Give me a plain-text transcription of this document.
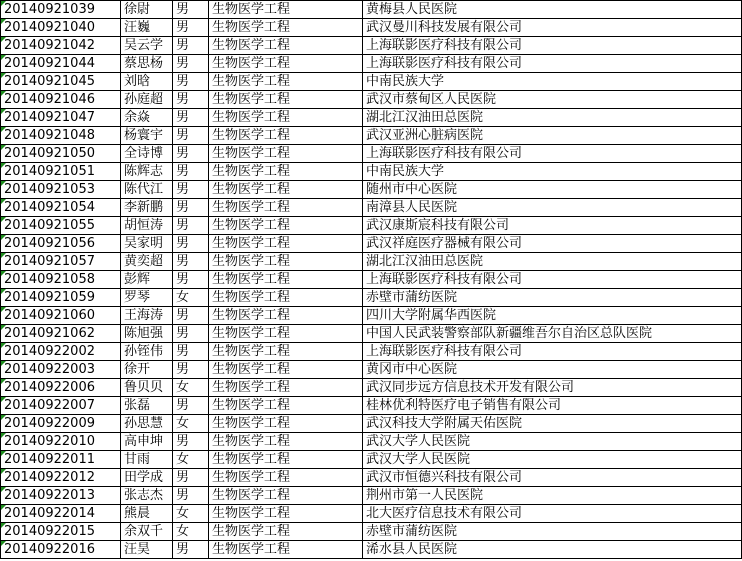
20140921039	徐尉	男	生物医学工程	黄梅县人民医院
20140921040	汪巍	男	生物医学工程	武汉曼川科技发展有限公司
20140921042	吴云学	男	生物医学工程	上海联影医疗科技有限公司
20140921044	蔡思杨	男	生物医学工程	上海联影医疗科技有限公司
20140921045	刘晗	男	生物医学工程	中南民族大学
20140921046	孙庭超	男	生物医学工程	武汉市蔡甸区人民医院
20140921047	余焱	男	生物医学工程	湖北江汉油田总医院
20140921048	杨寰宇	男	生物医学工程	武汉亚洲心脏病医院
20140921050	全诗博	男	生物医学工程	上海联影医疗科技有限公司
20140921051	陈辉志	男	生物医学工程	中南民族大学
20140921053	陈代江	男	生物医学工程	随州市中心医院
20140921054	李新鹏	男	生物医学工程	南漳县人民医院
20140921055	胡恒涛	男	生物医学工程	武汉康斯宸科技有限公司
20140921056	吴家明	男	生物医学工程	武汉祥庭医疗器械有限公司
20140921057	黄奕超	男	生物医学工程	湖北江汉油田总医院
20140921058	彭辉	男	生物医学工程	上海联影医疗科技有限公司
20140921059	罗琴	女	生物医学工程	赤壁市蒲纺医院
20140921060	王海涛	男	生物医学工程	四川大学附属华西医院
20140921062	陈旭强	男	生物医学工程	中国人民武装警察部队新疆维吾尔自治区总队医院
20140922002	孙铚伟	男	生物医学工程	上海联影医疗科技有限公司
20140922003	徐开	男	生物医学工程	黄冈市中心医院
20140922006	鲁贝贝	女	生物医学工程	武汉同步远方信息技术开发有限公司
20140922007	张磊	男	生物医学工程	桂林优利特医疗电子销售有限公司
20140922009	孙思慧	女	生物医学工程	武汉科技大学附属天佑医院
20140922010	高申坤	男	生物医学工程	武汉大学人民医院
20140922011	甘雨	女	生物医学工程	武汉大学人民医院
20140922012	田学成	男	生物医学工程	武汉市恒德兴科技有限公司
20140922013	张志杰	男	生物医学工程	荆州市第一人民医院
20140922014	熊晨	女	生物医学工程	北大医疗信息技术有限公司
20140922015	余双千	女	生物医学工程	赤壁市蒲纺医院
20140922016	汪昊	男	生物医学工程	浠水县人民医院
